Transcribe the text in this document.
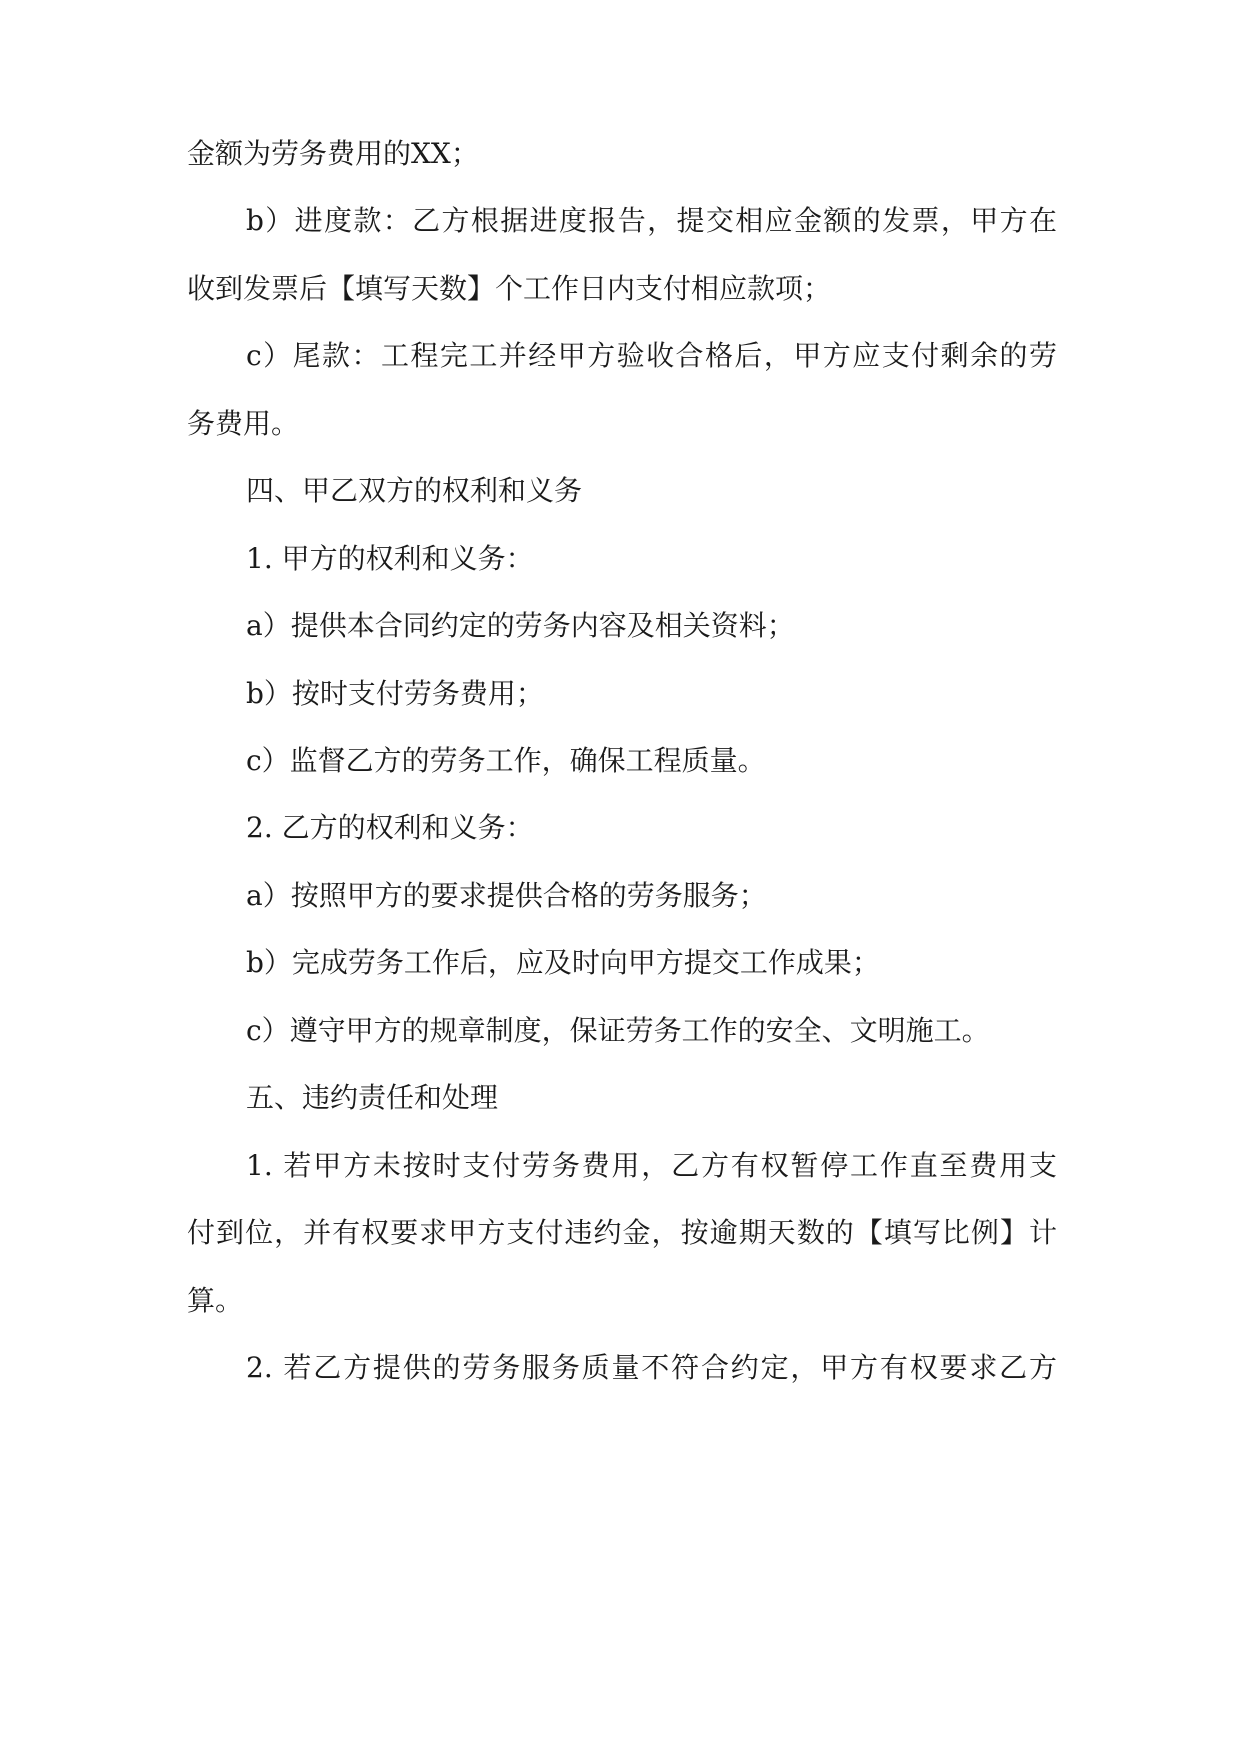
金额为劳务费用的XX；
b）进度款：乙方根据进度报告，提交相应金额的发票，甲方在
收到发票后【填写天数】个工作日内支付相应款项；
c）尾款：工程完工并经甲方验收合格后，甲方应支付剩余的劳
务费用。
四、甲乙双方的权利和义务
1. 甲方的权利和义务：
a）提供本合同约定的劳务内容及相关资料；
b）按时支付劳务费用；
c）监督乙方的劳务工作，确保工程质量。
2. 乙方的权利和义务：
a）按照甲方的要求提供合格的劳务服务；
b）完成劳务工作后，应及时向甲方提交工作成果；
c）遵守甲方的规章制度，保证劳务工作的安全、文明施工。
五、违约责任和处理
1. 若甲方未按时支付劳务费用，乙方有权暂停工作直至费用支
付到位，并有权要求甲方支付违约金，按逾期天数的【填写比例】计
算。
2. 若乙方提供的劳务服务质量不符合约定，甲方有权要求乙方
